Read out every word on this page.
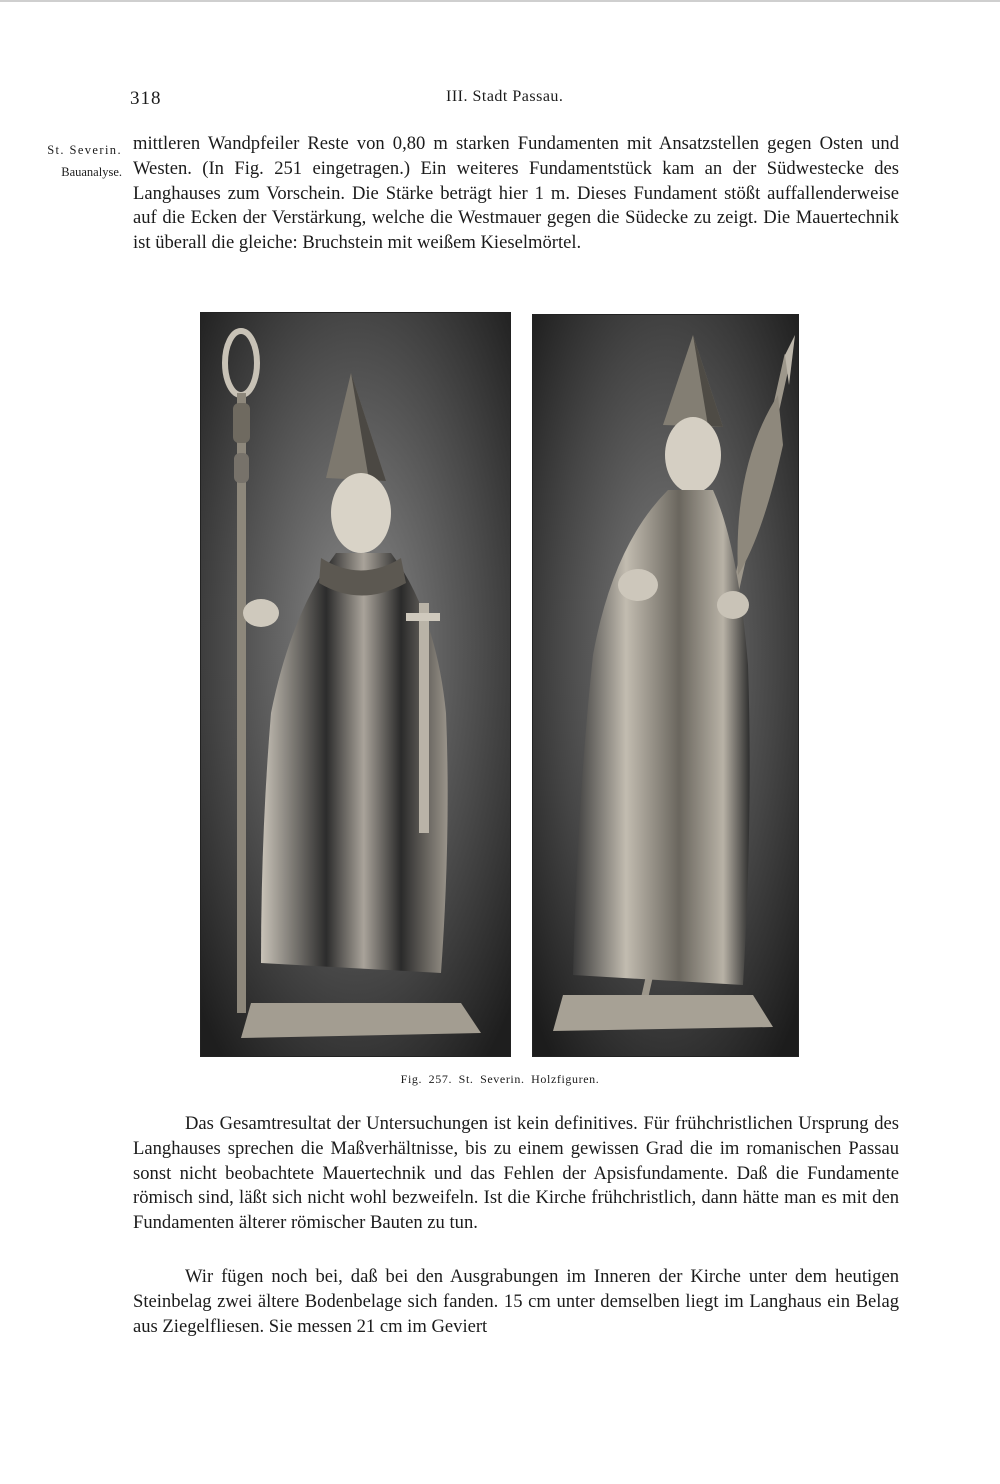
318	III. Stadt Passau.
St. Severin.
Bauanalyse.

mittleren Wandpfeiler Reste von 0,80 m starken Fundamenten mit Ansatzstellen gegen Osten und Westen. (In Fig. 251 eingetragen.) Ein weiteres Fundamentstück kam an der Südwestecke des Langhauses zum Vorschein. Die Stärke beträgt hier 1 m. Dieses Fundament stößt auffallenderweise auf die Ecken der Verstärkung, welche die Westmauer gegen die Südecke zu zeigt. Die Mauertechnik ist überall die gleiche: Bruchstein mit weißem Kieselmörtel.

Fig. 257. St. Severin. Holzfiguren.

Das Gesamtresultat der Untersuchungen ist kein definitives. Für frühchristlichen Ursprung des Langhauses sprechen die Maßverhältnisse, bis zu einem gewissen Grad die im romanischen Passau sonst nicht beobachtete Mauertechnik und das Fehlen der Apsisfundamente. Daß die Fundamente römisch sind, läßt sich nicht wohl bezweifeln. Ist die Kirche frühchristlich, dann hätte man es mit den Fundamenten älterer römischer Bauten zu tun.

Wir fügen noch bei, daß bei den Ausgrabungen im Inneren der Kirche unter dem heutigen Steinbelag zwei ältere Bodenbelage sich fanden. 15 cm unter demselben liegt im Langhaus ein Belag aus Ziegelfliesen. Sie messen 21 cm im Geviert
